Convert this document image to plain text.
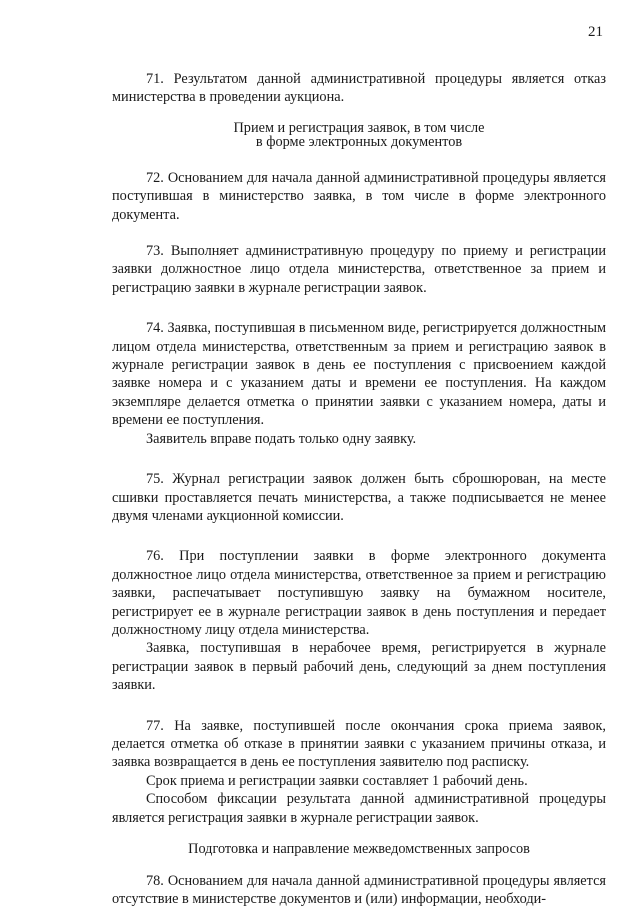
21

71. Результатом данной административной процедуры является отказ министерства в проведении аукциона.

Прием и регистрация заявок, в том числе
в форме электронных документов

72. Основанием для начала данной административной процедуры является поступившая в министерство заявка, в том числе в форме электронного документа.

73. Выполняет административную процедуру по приему и регистрации заявки должностное лицо отдела министерства, ответственное за прием и регистрацию заявки в журнале регистрации заявок.

74. Заявка, поступившая в письменном виде, регистрируется должностным лицом отдела министерства, ответственным за прием и регистрацию заявок в журнале регистрации заявок в день ее поступления с присвоением каждой заявке номера и с указанием даты и времени ее поступления. На каждом экземпляре делается отметка о принятии заявки с указанием номера, даты и времени ее поступления.

Заявитель вправе подать только одну заявку.

75. Журнал регистрации заявок должен быть сброшюрован, на месте сшивки проставляется печать министерства, а также подписывается не менее двумя членами аукционной комиссии.

76. При поступлении заявки в форме электронного документа должностное лицо отдела министерства, ответственное за прием и регистрацию заявки, распечатывает поступившую заявку на бумажном носителе, регистрирует ее в журнале регистрации заявок в день поступления и передает должностному лицу отдела министерства.

Заявка, поступившая в нерабочее время, регистрируется в журнале регистрации заявок в первый рабочий день, следующий за днем поступления заявки.

77. На заявке, поступившей после окончания срока приема заявок, делается отметка об отказе в принятии заявки с указанием причины отказа, и заявка возвращается в день ее поступления заявителю под расписку.

Срок приема и регистрации заявки составляет 1 рабочий день.

Способом фиксации результата данной административной процедуры является регистрация заявки в журнале регистрации заявок.

Подготовка и направление межведомственных запросов

78. Основанием для начала данной административной процедуры является отсутствие в министерстве документов и (или) информации, необходи-
